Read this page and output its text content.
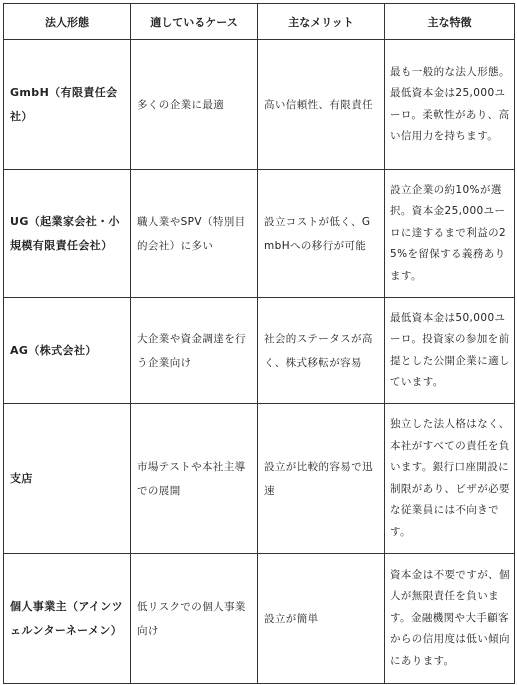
法人形態	適しているケース	主なメリット	主な特徴
GmbH（有限責任会社）	多くの企業に最適	高い信頼性、有限責任	最も一般的な法人形態。最低資本金は25,000ユーロ。柔軟性があり、高い信用力を持ちます。
UG（起業家会社・小規模有限責任会社）	職人業やSPV（特別目的会社）に多い	設立コストが低く、GmbHへの移行が可能	設立企業の約10%が選択。資本金25,000ユーロに達するまで利益の25%を留保する義務あります。
AG（株式会社）	大企業や資金調達を行う企業向け	社会的ステータスが高く、株式移転が容易	最低資本金は50,000ユーロ。投資家の参加を前提とした公開企業に適しています。
支店	市場テストや本社主導での展開	設立が比較的容易で迅速	独立した法人格はなく、本社がすべての責任を負います。銀行口座開設に制限があり、ビザが必要な従業員には不向きです。
個人事業主（アインツェルンターネーメン）	低リスクでの個人事業向け	設立が簡単	資本金は不要ですが、個人が無限責任を負います。金融機関や大手顧客からの信用度は低い傾向にあります。
